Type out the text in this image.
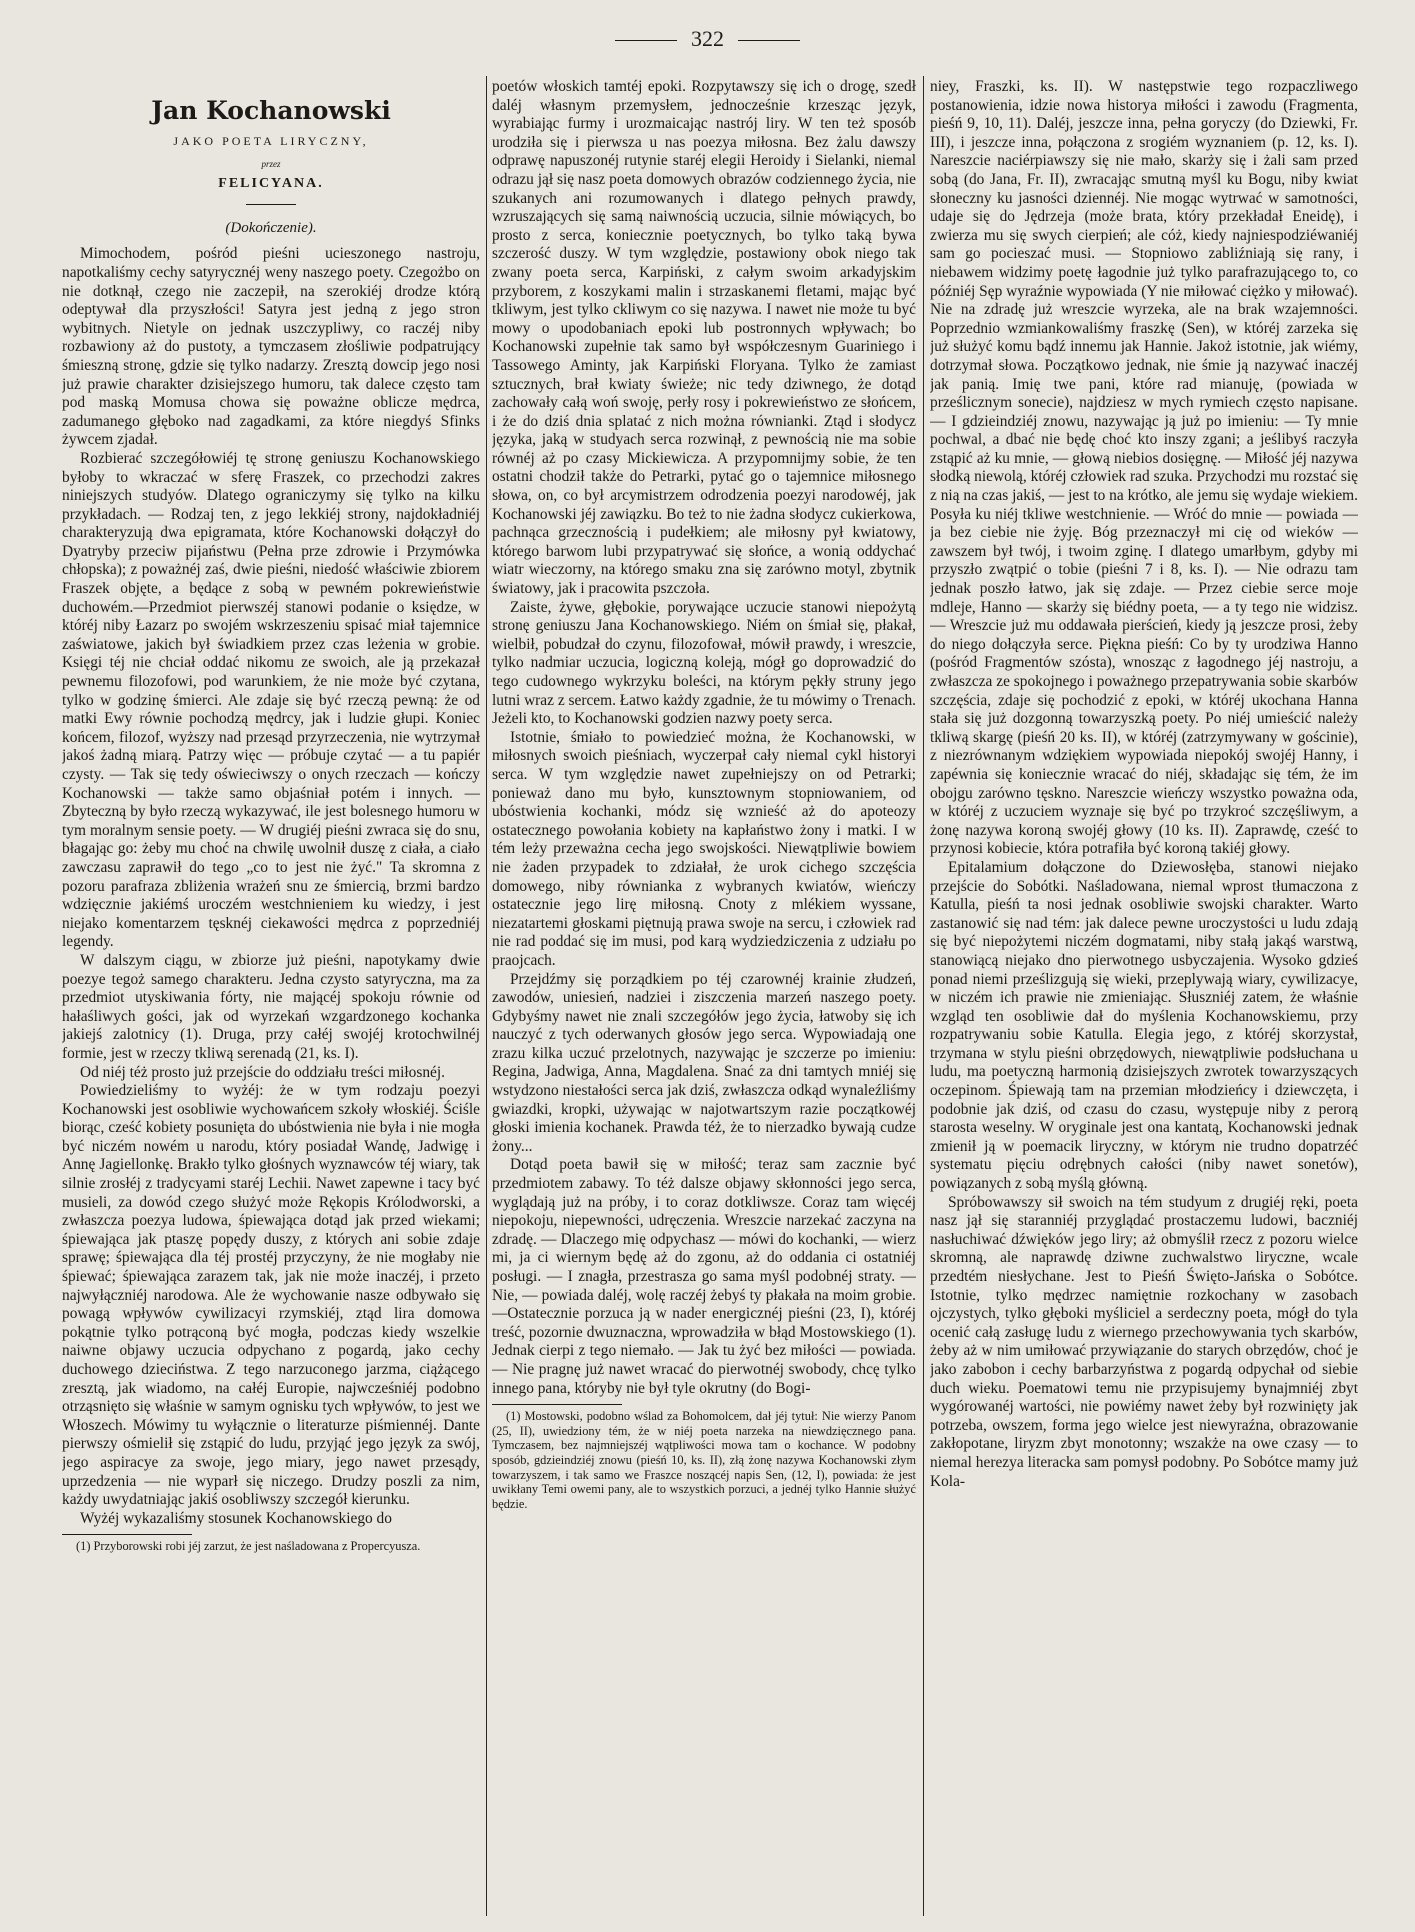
322
Jan Kochanowski
JAKO POETA LIRYCZNY,
przez
FELICYANA.
(Dokończenie).

Mimochodem, pośród pieśni ucieszonego nastroju, napotkaliśmy cechy satyrycznéj weny naszego poety. Czegożbo on nie dotknął, czego nie zaczepił, na szerokiéj drodze którą odeptywał dla przyszłości! Satyra jest jedną z jego stron wybitnych. Nietyle on jednak uszczypliwy, co raczéj niby rozbawiony aż do pustoty, a tymczasem złośliwie podpatrujący śmieszną stronę, gdzie się tylko nadarzy. Zresztą dowcip jego nosi już prawie charakter dzisiejszego humoru, tak dalece często tam pod maską Momusa chowa się poważne oblicze mędrca, zadumanego głęboko nad zagadkami, za które niegdyś Sfinks żywcem zjadał.

Rozbierać szczegółowiéj tę stronę geniuszu Kochanowskiego byłoby to wkraczać w sferę Fraszek, co przechodzi zakres niniejszych studyów. Dlatego ograniczymy się tylko na kilku przykładach. — Rodzaj ten, z jego lekkiéj strony, najdokładniéj charakteryzują dwa epigramata, które Kochanowski dołączył do Dyatryby przeciw pijaństwu (Pełna prze zdrowie i Przymówka chłopska); z poważnéj zaś, dwie pieśni, niedość właściwie zbiorem Fraszek objęte, a będące z sobą w pewném pokrewieństwie duchowém.—Przedmiot pierwszéj stanowi podanie o księdze, w któréj niby Łazarz po swojém wskrzeszeniu spisać miał tajemnice zaświatowe, jakich był świadkiem przez czas leżenia w grobie. Księgi téj nie chciał oddać nikomu ze swoich, ale ją przekazał pewnemu filozofowi, pod warunkiem, że nie może być czytana, tylko w godzinę śmierci. Ale zdaje się być rzeczą pewną: że od matki Ewy równie pochodzą mędrcy, jak i ludzie głupi. Koniec końcem, filozof, wyższy nad przesąd przyrzeczenia, nie wytrzymał jakoś żadną miarą. Patrzy więc — próbuje czytać — a tu papiér czysty. — Tak się tedy oświeciwszy o onych rzeczach — kończy Kochanowski — także samo objaśniał potém i innych. — Zbyteczną by było rzeczą wykazywać, ile jest bolesnego humoru w tym moralnym sensie poety. — W drugiéj pieśni zwraca się do snu, błagając go: żeby mu choć na chwilę uwolnił duszę z ciała, a ciało zawczasu zaprawił do tego „co to jest nie żyć." Ta skromna z pozoru parafraza zbliżenia wrażeń snu ze śmiercią, brzmi bardzo wdzięcznie jakiémś uroczém westchnieniem ku wiedzy, i jest niejako komentarzem tęsknéj ciekawości mędrca z poprzedniéj legendy.

W dalszym ciągu, w zbiorze już pieśni, napotykamy dwie poezye tegoż samego charakteru. Jedna czysto satyryczna, ma za przedmiot utyskiwania fórty, nie mającéj spokoju równie od hałaśliwych gości, jak od wyrzekań wzgardzonego kochanka jakiejś zalotnicy (1). Druga, przy całéj swojéj krotochwilnéj formie, jest w rzeczy tkliwą serenadą (21, ks. I).

Od niéj téż prosto już przejście do oddziału treści miłosnéj.

Powiedzieliśmy to wyżéj: że w tym rodzaju poezyi Kochanowski jest osobliwie wychowańcem szkoły włoskiéj. Ściśle biorąc, cześć kobiety posunięta do ubóstwienia nie była i nie mogła być niczém nowém u narodu, który posiadał Wandę, Jadwigę i Annę Jagiellonkę. Brakło tylko głośnych wyznawców téj wiary, tak silnie zrosłéj z tradycyami staréj Lechii. Nawet zapewne i tacy być musieli, za dowód czego służyć może Rękopis Królodworski, a zwłaszcza poezya ludowa, śpiewająca dotąd jak przed wiekami; śpiewająca jak ptaszę popędy duszy, z których ani sobie zdaje sprawę; śpiewająca dla téj prostéj przyczyny, że nie mogłaby nie śpiewać; śpiewająca zarazem tak, jak nie może inaczéj, i przeto najwyłączniéj narodowa. Ale że wychowanie nasze odbywało się powagą wpływów cywilizacyi rzymskiéj, ztąd lira domowa pokątnie tylko potrąconą być mogła, podczas kiedy wszelkie naiwne objawy uczucia odpychano z pogardą, jako cechy duchowego dzieciństwa. Z tego narzuconego jarzma, ciążącego zresztą, jak wiadomo, na całéj Europie, najwcześniéj podobno otrząsnięto się właśnie w samym ognisku tych wpływów, to jest we Włoszech. Mówimy tu wyłącznie o literaturze piśmiennéj. Dante pierwszy ośmielił się zstąpić do ludu, przyjąć jego język za swój, jego aspiracye za swoje, jego miary, jego nawet przesądy, uprzedzenia — nie wyparł się niczego. Drudzy poszli za nim, każdy uwydatniając jakiś osobliwszy szczegół kierunku.

Wyżéj wykazaliśmy stosunek Kochanowskiego do

(1) Przyborowski robi jéj zarzut, że jest naśladowana z Propercyusza.

poetów włoskich tamtéj epoki. Rozpytawszy się ich o drogę, szedł daléj własnym przemysłem, jednocześnie krzesząc język, wyrabiając furmy i urozmaicając nastrój liry. W ten też sposób urodziła się i pierwsza u nas poezya miłosna. Bez żalu dawszy odprawę napuszonéj rutynie staréj elegii Heroidy i Sielanki, niemal odrazu jął się nasz poeta domowych obrazów codziennego życia, nie szukanych ani rozumowanych i dlatego pełnych prawdy, wzruszających się samą naiwnością uczucia, silnie mówiących, bo prosto z serca, koniecznie poetycznych, bo tylko taką bywa szczerość duszy. W tym względzie, postawiony obok niego tak zwany poeta serca, Karpiński, z całym swoim arkadyjskim przyborem, z koszykami malin i strzaskanemi fletami, mając być tkliwym, jest tylko ckliwym co się nazywa. I nawet nie może tu być mowy o upodobaniach epoki lub postronnych wpływach; bo Kochanowski zupełnie tak samo był współczesnym Guariniego i Tassowego Aminty, jak Karpiński Floryana. Tylko że zamiast sztucznych, brał kwiaty świeże; nic tedy dziwnego, że dotąd zachowały całą woń swoję, perły rosy i pokrewieństwo ze słońcem, i że do dziś dnia splatać z nich można równianki. Ztąd i słodycz języka, jaką w studyach serca rozwinął, z pewnością nie ma sobie równéj aż po czasy Mickiewicza. A przypomnijmy sobie, że ten ostatni chodził także do Petrarki, pytać go o tajemnice miłosnego słowa, on, co był arcymistrzem odrodzenia poezyi narodowéj, jak Kochanowski jéj zawiązku. Bo też to nie żadna słodycz cukierkowa, pachnąca grzecznością i pudełkiem; ale miłosny pył kwiatowy, którego barwom lubi przypatrywać się słońce, a wonią oddychać wiatr wieczorny, na którego smaku zna się zarówno motyl, zbytnik światowy, jak i pracowita pszczoła.

Zaiste, żywe, głębokie, porywające uczucie stanowi niepożytą stronę geniuszu Jana Kochanowskiego. Niém on śmiał się, płakał, wielbił, pobudzał do czynu, filozofował, mówił prawdy, i wreszcie, tylko nadmiar uczucia, logiczną koleją, mógł go doprowadzić do tego cudownego wykrzyku boleści, na którym pękły struny jego lutni wraz z sercem. Łatwo każdy zgadnie, że tu mówimy o Trenach. Jeżeli kto, to Kochanowski godzien nazwy poety serca.

Istotnie, śmiało to powiedzieć można, że Kochanowski, w miłosnych swoich pieśniach, wyczerpał cały niemal cykl historyi serca. W tym względzie nawet zupełniejszy on od Petrarki; ponieważ dano mu było, kunsztownym stopniowaniem, od ubóstwienia kochanki, módz się wznieść aż do apoteozy ostatecznego powołania kobiety na kapłaństwo żony i matki. I w tém leży przeważna cecha jego swojskości. Niewątpliwie bowiem nie żaden przypadek to zdziałał, że urok cichego szczęścia domowego, niby równianka z wybranych kwiatów, wieńczy ostatecznie jego lirę miłosną. Cnoty z mlékiem wyssane, niezatartemi głoskami piętnują prawa swoje na sercu, i człowiek rad nie rad poddać się im musi, pod karą wydziedziczenia z udziału po praojcach.

Przejdźmy się porządkiem po téj czarownéj krainie złudzeń, zawodów, uniesień, nadziei i ziszczenia marzeń naszego poety. Gdybyśmy nawet nie znali szczegółów jego życia, łatwoby się ich nauczyć z tych oderwanych głosów jego serca. Wypowiadają one zrazu kilka uczuć przelotnych, nazywając je szczerze po imieniu: Regina, Jadwiga, Anna, Magdalena. Snać za dni tamtych mniéj się wstydzono niestałości serca jak dziś, zwłaszcza odkąd wynaleźliśmy gwiazdki, kropki, używając w najotwartszym razie początkowéj głoski imienia kochanek. Prawda téż, że to nierzadko bywają cudze żony...

Dotąd poeta bawił się w miłość; teraz sam zacznie być przedmiotem zabawy. To téż dalsze objawy skłonności jego serca, wyglądają już na próby, i to coraz dotkliwsze. Coraz tam więcéj niepokoju, niepewności, udręczenia. Wreszcie narzekać zaczyna na zdradę. — Dlaczego mię odpychasz — mówi do kochanki, — wierz mi, ja ci wiernym będę aż do zgonu, aż do oddania ci ostatniéj posługi. — I znagła, przestrasza go sama myśl podobnéj straty. — Nie, — powiada daléj, wolę raczéj żebyś ty płakała na moim grobie.—Ostatecznie porzuca ją w nader energicznéj pieśni (23, I), któréj treść, pozornie dwuznaczna, wprowadziła w błąd Mostowskiego (1). Jednak cierpi z tego niemało. — Jak tu żyć bez miłości — powiada. — Nie pragnę już nawet wracać do pierwotnéj swobody, chcę tylko innego pana, któryby nie był tyle okrutny (do Bogi-

(1) Mostowski, podobno wślad za Bohomolcem, dał jéj tytuł: Nie wierzy Panom (25, II), uwiedziony tém, że w niéj poeta narzeka na niewdzięcznego pana. Tymczasem, bez najmniejszéj wątpliwości mowa tam o kochance. W podobny sposób, gdzieindziéj znowu (pieśń 10, ks. II), złą żonę nazywa Kochanowski złym towarzyszem, i tak samo we Fraszce noszącéj napis Sen, (12, I), powiada: że jest uwikłany Temi owemi pany, ale to wszystkich porzuci, a jednéj tylko Hannie służyć będzie.

niey, Fraszki, ks. II). W następstwie tego rozpaczliwego postanowienia, idzie nowa historya miłości i zawodu (Fragmenta, pieśń 9, 10, 11). Daléj, jeszcze inna, pełna goryczy (do Dziewki, Fr. III), i jeszcze inna, połączona z srogiém wyznaniem (p. 12, ks. I). Nareszcie naciérpiawszy się nie mało, skarży się i żali sam przed sobą (do Jana, Fr. II), zwracając smutną myśl ku Bogu, niby kwiat słoneczny ku jasności dziennéj. Nie mogąc wytrwać w samotności, udaje się do Jędrzeja (może brata, który przekładał Eneidę), i zwierza mu się swych cierpień; ale cóż, kiedy najniespodziéwaniéj sam go pocieszać musi. — Stopniowo zabliźniają się rany, i niebawem widzimy poetę łagodnie już tylko parafrazującego to, co późniéj Sęp wyraźnie wypowiada (Y nie miłować ciężko y miłować). Nie na zdradę już wreszcie wyrzeka, ale na brak wzajemności. Poprzednio wzmiankowaliśmy fraszkę (Sen), w któréj zarzeka się już służyć komu bądź innemu jak Hannie. Jakoż istotnie, jak wiémy, dotrzymał słowa. Początkowo jednak, nie śmie ją nazywać inaczéj jak panią. Imię twe pani, które rad mianuję, (powiada w prześlicznym sonecie), najdziesz w mych rymiech często napisane. — I gdzieindziéj znowu, nazywając ją już po imieniu: — Ty mnie pochwal, a dbać nie będę choć kto inszy zgani; a jeślibyś raczyła zstąpić aż ku mnie, — głową niebios dosięgnę. — Miłość jéj nazywa słodką niewolą, któréj człowiek rad szuka. Przychodzi mu rozstać się z nią na czas jakiś, — jest to na krótko, ale jemu się wydaje wiekiem. Posyła ku niéj tkliwe westchnienie. — Wróć do mnie — powiada — ja bez ciebie nie żyję. Bóg przeznaczył mi cię od wieków — zawszem był twój, i twoim zginę. I dlatego umarłbym, gdyby mi przyszło zwątpić o tobie (pieśni 7 i 8, ks. I). — Nie odrazu tam jednak poszło łatwo, jak się zdaje. — Przez ciebie serce moje mdleje, Hanno — skarży się biédny poeta, — a ty tego nie widzisz. — Wreszcie już mu oddawała pierścień, kiedy ją jeszcze prosi, żeby do niego dołączyła serce. Piękna pieśń: Co by ty urodziwa Hanno (pośród Fragmentów szósta), wnosząc z łagodnego jéj nastroju, a zwłaszcza ze spokojnego i poważnego przepatrywania sobie skarbów szczęścia, zdaje się pochodzić z epoki, w któréj ukochana Hanna stała się już dozgonną towarzyszką poety. Po niéj umieścić należy tkliwą skargę (pieśń 20 ks. II), w któréj (zatrzymywany w gościnie), z niezrównanym wdziękiem wypowiada niepokój swojéj Hanny, i zapéwnia się koniecznie wracać do niéj, składając się tém, że im obojgu zarówno tęskno. Nareszcie wieńczy wszystko poważna oda, w któréj z uczuciem wyznaje się być po trzykroć szczęśliwym, a żonę nazywa koroną swojéj głowy (10 ks. II). Zaprawdę, cześć to przynosi kobiecie, która potrafiła być koroną takiéj głowy.

Epitalamium dołączone do Dziewosłęba, stanowi niejako przejście do Sobótki. Naśladowana, niemal wprost tłumaczona z Katulla, pieśń ta nosi jednak osobliwie swojski charakter. Warto zastanowić się nad tém: jak dalece pewne uroczystości u ludu zdają się być niepożytemi niczém dogmatami, niby stałą jakąś warstwą, stanowiącą niejako dno pierwotnego usbyczajenia. Wysoko gdzieś ponad niemi prześlizgują się wieki, przeplywają wiary, cywilizacye, w niczém ich prawie nie zmieniając. Słuszniéj zatem, że właśnie wzgląd ten osobliwie dał do myślenia Kochanowskiemu, przy rozpatrywaniu sobie Katulla. Elegia jego, z któréj skorzystał, trzymana w stylu pieśni obrzędowych, niewątpliwie podsłuchana u ludu, ma poetyczną harmonią dzisiejszych zwrotek towarzyszących oczepinom. Śpiewają tam na przemian młodzieńcy i dziewczęta, i podobnie jak dziś, od czasu do czasu, występuje niby z perorą starosta weselny. W oryginale jest ona kantatą, Kochanowski jednak zmienił ją w poemacik liryczny, w którym nie trudno dopatrzéć systematu pięciu odrębnych całości (niby nawet sonetów), powiązanych z sobą myślą główną.

Spróbowawszy sił swoich na tém studyum z drugiéj ręki, poeta nasz jął się staranniéj przyglądać prostaczemu ludowi, baczniéj nasłuchiwać dźwięków jego liry; aż obmyślił rzecz z pozoru wielce skromną, ale naprawdę dziwne zuchwalstwo liryczne, wcale przedtém niesłychane. Jest to Pieśń Święto-Jańska o Sobótce. Istotnie, tylko mędrzec namiętnie rozkochany w zasobach ojczystych, tylko głęboki myśliciel a serdeczny poeta, mógł do tyla ocenić całą zasługę ludu z wiernego przechowywania tych skarbów, żeby aż w nim umiłować przywiązanie do starych obrzędów, choć je jako zabobon i cechy barbarzyństwa z pogardą odpychał od siebie duch wieku. Poematowi temu nie przypisujemy bynajmniéj zbyt wygórowanéj wartości, nie powiémy nawet żeby był rozwinięty jak potrzeba, owszem, forma jego wielce jest niewyraźna, obrazowanie zakłopotane, liryzm zbyt monotonny; wszakże na owe czasy — to niemal herezya literacka sam pomysł podobny. Po Sobótce mamy już Kola-
